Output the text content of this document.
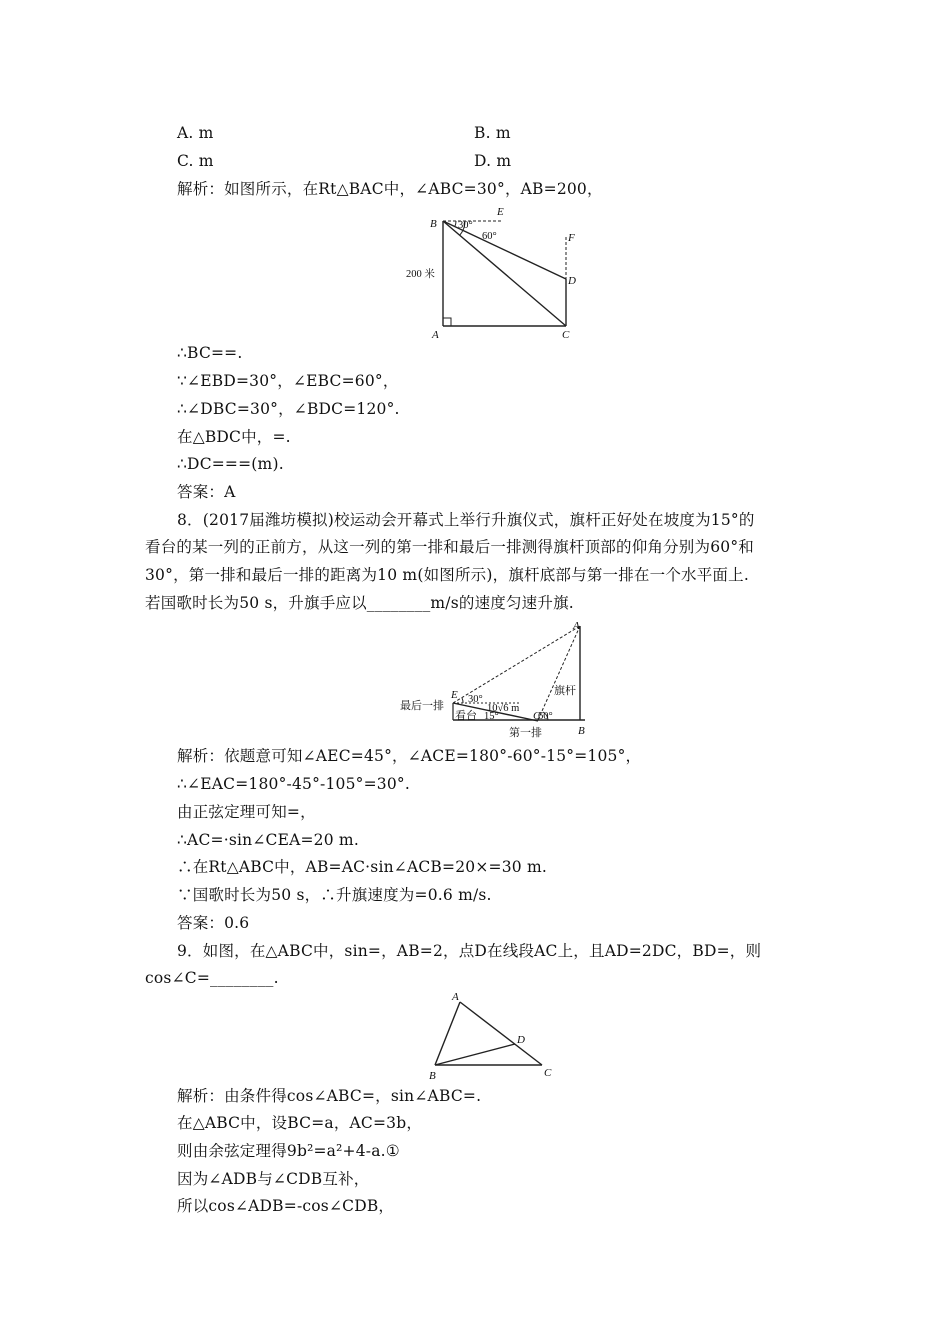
A. m	B. m
C. m	D. m
解析：如图所示，在Rt△BAC中，∠ABC=30°，AB=200，
B
E
F
D
A	C
30°
60°
200 米
∴BC==.
∵∠EBD=30°，∠EBC=60°，
∴∠DBC=30°，∠BDC=120°.
在△BDC中，=.
∴DC===(m).
答案：A
8．(2017届潍坊模拟)校运动会开幕式上举行升旗仪式，旗杆正好处在坡度为15°的
看台的某一列的正前方，从这一列的第一排和最后一排测得旗杆顶部的仰角分别为60°和
30°，第一排和最后一排的距离为10 m(如图所示)，旗杆底部与第一排在一个水平面上.
若国歌时长为50 s，升旗手应以________m/s的速度匀速升旗.
A
B
E
C
旗杆
最后一排
第一排
看台
10√6 m
30°
15°	60°
解析：依题意可知∠AEC=45°，∠ACE=180°-60°-15°=105°，
∴∠EAC=180°-45°-105°=30°.
由正弦定理可知=，
∴AC=·sin∠CEA=20 m.
∴在Rt△ABC中，AB=AC·sin∠ACB=20×=30 m.
∵国歌时长为50 s，∴升旗速度为=0.6 m/s.
答案：0.6
9．如图，在△ABC中，sin=，AB=2，点D在线段AC上，且AD=2DC，BD=，则
cos∠C=________.
A
B	C
D
解析：由条件得cos∠ABC=，sin∠ABC=.
在△ABC中，设BC=a，AC=3b，
则由余弦定理得9b²=a²+4-a.①
因为∠ADB与∠CDB互补，
所以cos∠ADB=-cos∠CDB，
